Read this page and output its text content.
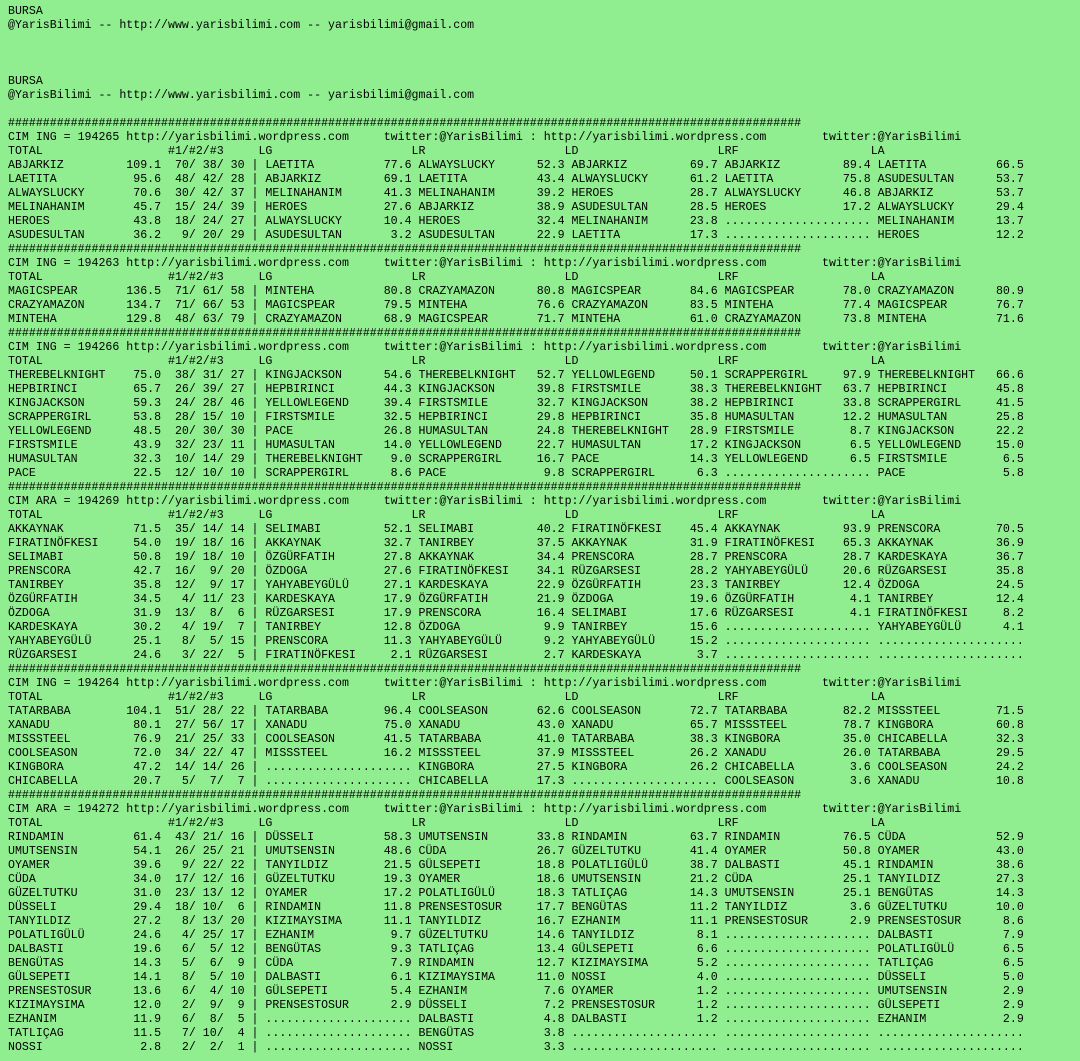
BURSA
@YarisBilimi -- http://www.yarisbilimi.com -- yarisbilimi@gmail.com
BURSA
@YarisBilimi -- http://www.yarisbilimi.com -- yarisbilimi@gmail.com
##################################################################################################################
CIM ING = 194265 http://yarisbilimi.wordpress.com     twitter:@YarisBilimi : http://yarisbilimi.wordpress.com        twitter:@YarisBilimi
TOTAL                  #1/#2/#3     LG                    LR                    LD                    LRF                   LA
ABJARKIZ         109.1  70/ 38/ 30 | LAETITA          77.6 ALWAYSLUCKY      52.3 ABJARKIZ         69.7 ABJARKIZ         89.4 LAETITA          66.5
LAETITA           95.6  48/ 42/ 28 | ABJARKIZ         69.1 LAETITA          43.4 ALWAYSLUCKY      61.2 LAETITA          75.8 ASUDESULTAN      53.7
ALWAYSLUCKY       70.6  30/ 42/ 37 | MELINAHANIM      41.3 MELINAHANIM      39.2 HEROES           28.7 ALWAYSLUCKY      46.8 ABJARKIZ         53.7
MELINAHANIM       45.7  15/ 24/ 39 | HEROES           27.6 ABJARKIZ         38.9 ASUDESULTAN      28.5 HEROES           17.2 ALWAYSLUCKY      29.4
HEROES            43.8  18/ 24/ 27 | ALWAYSLUCKY      10.4 HEROES           32.4 MELINAHANIM      23.8 ..................... MELINAHANIM      13.7
ASUDESULTAN       36.2   9/ 20/ 29 | ASUDESULTAN       3.2 ASUDESULTAN      22.9 LAETITA          17.3 ..................... HEROES           12.2
##################################################################################################################
CIM ING = 194263 http://yarisbilimi.wordpress.com     twitter:@YarisBilimi : http://yarisbilimi.wordpress.com        twitter:@YarisBilimi
TOTAL                  #1/#2/#3     LG                    LR                    LD                    LRF                   LA
MAGICSPEAR       136.5  71/ 61/ 58 | MINTEHA          80.8 CRAZYAMAZON      80.8 MAGICSPEAR       84.6 MAGICSPEAR       78.0 CRAZYAMAZON      80.9
CRAZYAMAZON      134.7  71/ 66/ 53 | MAGICSPEAR       79.5 MINTEHA          76.6 CRAZYAMAZON      83.5 MINTEHA          77.4 MAGICSPEAR       76.7
MINTEHA          129.8  48/ 63/ 79 | CRAZYAMAZON      68.9 MAGICSPEAR       71.7 MINTEHA          61.0 CRAZYAMAZON      73.8 MINTEHA          71.6
##################################################################################################################
CIM ING = 194266 http://yarisbilimi.wordpress.com     twitter:@YarisBilimi : http://yarisbilimi.wordpress.com        twitter:@YarisBilimi
TOTAL                  #1/#2/#3     LG                    LR                    LD                    LRF                   LA
THEREBELKNIGHT    75.0  38/ 31/ 27 | KINGJACKSON      54.6 THEREBELKNIGHT   52.7 YELLOWLEGEND     50.1 SCRAPPERGIRL     97.9 THEREBELKNIGHT   66.6
HEPBIRINCI        65.7  26/ 39/ 27 | HEPBIRINCI       44.3 KINGJACKSON      39.8 FIRSTSMILE       38.3 THEREBELKNIGHT   63.7 HEPBIRINCI       45.8
KINGJACKSON       59.3  24/ 28/ 46 | YELLOWLEGEND     39.4 FIRSTSMILE       32.7 KINGJACKSON      38.2 HEPBIRINCI       33.8 SCRAPPERGIRL     41.5
SCRAPPERGIRL      53.8  28/ 15/ 10 | FIRSTSMILE       32.5 HEPBIRINCI       29.8 HEPBIRINCI       35.8 HUMASULTAN       12.2 HUMASULTAN       25.8
YELLOWLEGEND      48.5  20/ 30/ 30 | PACE             26.8 HUMASULTAN       24.8 THEREBELKNIGHT   28.9 FIRSTSMILE        8.7 KINGJACKSON      22.2
FIRSTSMILE        43.9  32/ 23/ 11 | HUMASULTAN       14.0 YELLOWLEGEND     22.7 HUMASULTAN       17.2 KINGJACKSON       6.5 YELLOWLEGEND     15.0
HUMASULTAN        32.3  10/ 14/ 29 | THEREBELKNIGHT    9.0 SCRAPPERGIRL     16.7 PACE             14.3 YELLOWLEGEND      6.5 FIRSTSMILE        6.5
PACE              22.5  12/ 10/ 10 | SCRAPPERGIRL      8.6 PACE              9.8 SCRAPPERGIRL      6.3 ..................... PACE              5.8
##################################################################################################################
CIM ARA = 194269 http://yarisbilimi.wordpress.com     twitter:@YarisBilimi : http://yarisbilimi.wordpress.com        twitter:@YarisBilimi
TOTAL                  #1/#2/#3     LG                    LR                    LD                    LRF                   LA
AKKAYNAK          71.5  35/ 14/ 14 | SELIMABI         52.1 SELIMABI         40.2 FIRATINÖFKESI    45.4 AKKAYNAK         93.9 PRENSCORA        70.5
FIRATINÖFKESI     54.0  19/ 18/ 16 | AKKAYNAK         32.7 TANIRBEY         37.5 AKKAYNAK         31.9 FIRATINÖFKESI    65.3 AKKAYNAK         36.9
SELIMABI          50.8  19/ 18/ 10 | ÖZGÜRFATIH       27.8 AKKAYNAK         34.4 PRENSCORA        28.7 PRENSCORA        28.7 KARDESKAYA       36.7
PRENSCORA         42.7  16/  9/ 20 | ÖZDOGA           27.6 FIRATINÖFKESI    34.1 RÜZGARSESI       28.2 YAHYABEYGÜLÜ     20.6 RÜZGARSESI       35.8
TANIRBEY          35.8  12/  9/ 17 | YAHYABEYGÜLÜ     27.1 KARDESKAYA       22.9 ÖZGÜRFATIH       23.3 TANIRBEY         12.4 ÖZDOGA           24.5
ÖZGÜRFATIH        34.5   4/ 11/ 23 | KARDESKAYA       17.9 ÖZGÜRFATIH       21.9 ÖZDOGA           19.6 ÖZGÜRFATIH        4.1 TANIRBEY         12.4
ÖZDOGA            31.9  13/  8/  6 | RÜZGARSESI       17.9 PRENSCORA        16.4 SELIMABI         17.6 RÜZGARSESI        4.1 FIRATINÖFKESI     8.2
KARDESKAYA        30.2   4/ 19/  7 | TANIRBEY         12.8 ÖZDOGA            9.9 TANIRBEY         15.6 ..................... YAHYABEYGÜLÜ      4.1
YAHYABEYGÜLÜ      25.1   8/  5/ 15 | PRENSCORA        11.3 YAHYABEYGÜLÜ      9.2 YAHYABEYGÜLÜ     15.2 ..................... .....................
RÜZGARSESI        24.6   3/ 22/  5 | FIRATINÖFKESI     2.1 RÜZGARSESI        2.7 KARDESKAYA        3.7 ..................... .....................
##################################################################################################################
CIM ING = 194264 http://yarisbilimi.wordpress.com     twitter:@YarisBilimi : http://yarisbilimi.wordpress.com        twitter:@YarisBilimi
TOTAL                  #1/#2/#3     LG                    LR                    LD                    LRF                   LA
TATARBABA        104.1  51/ 28/ 22 | TATARBABA        96.4 COOLSEASON       62.6 COOLSEASON       72.7 TATARBABA        82.2 MISSSTEEL        71.5
XANADU            80.1  27/ 56/ 17 | XANADU           75.0 XANADU           43.0 XANADU           65.7 MISSSTEEL        78.7 KINGBORA         60.8
MISSSTEEL         76.9  21/ 25/ 33 | COOLSEASON       41.5 TATARBABA        41.0 TATARBABA        38.3 KINGBORA         35.0 CHICABELLA       32.3
COOLSEASON        72.0  34/ 22/ 47 | MISSSTEEL        16.2 MISSSTEEL        37.9 MISSSTEEL        26.2 XANADU           26.0 TATARBABA        29.5
KINGBORA          47.2  14/ 14/ 26 | ..................... KINGBORA         27.5 KINGBORA         26.2 CHICABELLA        3.6 COOLSEASON       24.2
CHICABELLA        20.7   5/  7/  7 | ..................... CHICABELLA       17.3 ..................... COOLSEASON        3.6 XANADU           10.8
##################################################################################################################
CIM ARA = 194272 http://yarisbilimi.wordpress.com     twitter:@YarisBilimi : http://yarisbilimi.wordpress.com        twitter:@YarisBilimi
TOTAL                  #1/#2/#3     LG                    LR                    LD                    LRF                   LA
RINDAMIN          61.4  43/ 21/ 16 | DÜSSELI          58.3 UMUTSENSIN       33.8 RINDAMIN         63.7 RINDAMIN         76.5 CÜDA             52.9
UMUTSENSIN        54.1  26/ 25/ 21 | UMUTSENSIN       48.6 CÜDA             26.7 GÜZELTUTKU       41.4 OYAMER           50.8 OYAMER           43.0
OYAMER            39.6   9/ 22/ 22 | TANYILDIZ        21.5 GÜLSEPETI        18.8 POLATLIGÜLÜ      38.7 DALBASTI         45.1 RINDAMIN         38.6
CÜDA              34.0  17/ 12/ 16 | GÜZELTUTKU       19.3 OYAMER           18.6 UMUTSENSIN       21.2 CÜDA             25.1 TANYILDIZ        27.3
GÜZELTUTKU        31.0  23/ 13/ 12 | OYAMER           17.2 POLATLIGÜLÜ      18.3 TATLIÇAG         14.3 UMUTSENSIN       25.1 BENGÜTAS         14.3
DÜSSELI           29.4  18/ 10/  6 | RINDAMIN         11.8 PRENSESTOSUR     17.7 BENGÜTAS         11.2 TANYILDIZ         3.6 GÜZELTUTKU       10.0
TANYILDIZ         27.2   8/ 13/ 20 | KIZIMAYSIMA      11.1 TANYILDIZ        16.7 EZHANIM          11.1 PRENSESTOSUR      2.9 PRENSESTOSUR      8.6
POLATLIGÜLÜ       24.6   4/ 25/ 17 | EZHANIM           9.7 GÜZELTUTKU       14.6 TANYILDIZ         8.1 ..................... DALBASTI          7.9
DALBASTI          19.6   6/  5/ 12 | BENGÜTAS          9.3 TATLIÇAG         13.4 GÜLSEPETI         6.6 ..................... POLATLIGÜLÜ       6.5
BENGÜTAS          14.3   5/  6/  9 | CÜDA              7.9 RINDAMIN         12.7 KIZIMAYSIMA       5.2 ..................... TATLIÇAG          6.5
GÜLSEPETI         14.1   8/  5/ 10 | DALBASTI          6.1 KIZIMAYSIMA      11.0 NOSSI             4.0 ..................... DÜSSELI           5.0
PRENSESTOSUR      13.6   6/  4/ 10 | GÜLSEPETI         5.4 EZHANIM           7.6 OYAMER            1.2 ..................... UMUTSENSIN        2.9
KIZIMAYSIMA       12.0   2/  9/  9 | PRENSESTOSUR      2.9 DÜSSELI           7.2 PRENSESTOSUR      1.2 ..................... GÜLSEPETI         2.9
EZHANIM           11.9   6/  8/  5 | ..................... DALBASTI          4.8 DALBASTI          1.2 ..................... EZHANIM           2.9
TATLIÇAG          11.5   7/ 10/  4 | ..................... BENGÜTAS          3.8 ..................... ..................... .....................
NOSSI              2.8   2/  2/  1 | ..................... NOSSI             3.3 ..................... ..................... .....................
